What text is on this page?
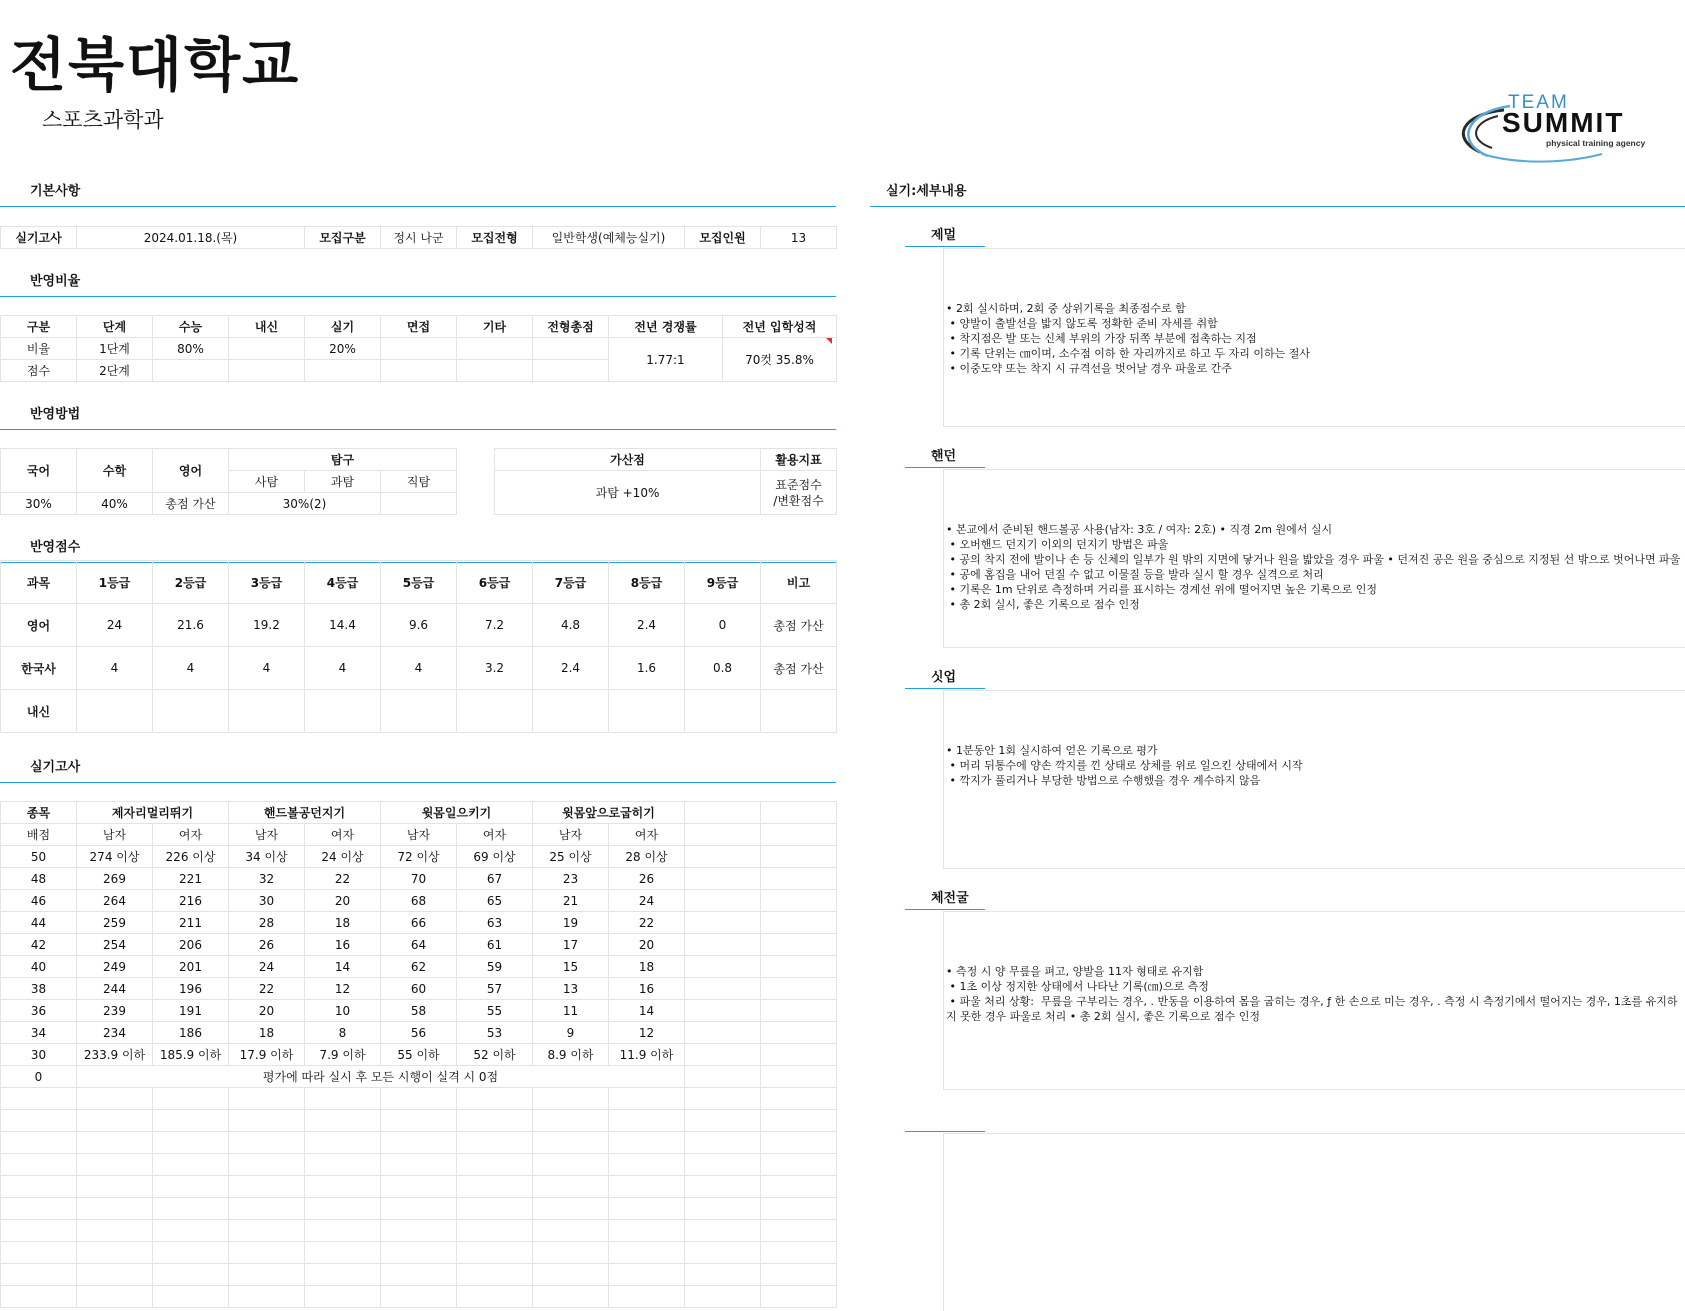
전북대학교
스포츠과학과
TEAM
SUMMIT
physical training agency
기본사항
반영비율
반영방법
반영점수
실기고사
실기:세부내용
실기고사	2024.01.18.(목)	모집구분	정시 나군	모집전형	일반학생(예체능실기)	모집인원	13
구분	단계	수능	내신	실기	면접	기타	전형총점	전년 경쟁률	전년 입학성적
비율	1단계	80%		20%				1.77:1	70컷 35.8%
점수	2단계								
국어	수학	영어	탐구		
			사탐	과탐	직탐
30%	40%	총점 가산	30%(2)		
가산점	활용지표
과탐 +10%	표준점수
/변환점수
과목	1등급	2등급	3등급	4등급	5등급	6등급	7등급	8등급	9등급	비고
영어	24	21.6	19.2	14.4	9.6	7.2	4.8	2.4	0	총점 가산
한국사	4	4	4	4	4	3.2	2.4	1.6	0.8	총점 가산
내신										
종목	제자리멀리뛰기		핸드볼공던지기		윗몸일으키기		윗몸앞으로굽히기			
배점	남자	여자	남자	여자	남자	여자	남자	여자		
50	274 이상	226 이상	34 이상	24 이상	72 이상	69 이상	25 이상	28 이상		
48	269	221	32	22	70	67	23	26		
46	264	216	30	20	68	65	21	24		
44	259	211	28	18	66	63	19	22		
42	254	206	26	16	64	61	17	20		
40	249	201	24	14	62	59	15	18		
38	244	196	22	12	60	57	13	16		
36	239	191	20	10	58	55	11	14		
34	234	186	18	8	56	53	9	12		
30	233.9 이하	185.9 이하	17.9 이하	7.9 이하	55 이하	52 이하	8.9 이하	11.9 이하		
0	평가에 따라 실시 후 모든 시행이 실격 시 0점									

제멀
• 2회 실시하며, 2회 중 상위기록을 최종점수로 함
• 양발이 출발선을 밟지 않도록 정확한 준비 자세를 취함
• 착지점은 발 또는 신체 부위의 가장 뒤쪽 부분에 접촉하는 지점
• 기록 단위는 ㎝이며, 소수점 이하 한 자리까지로 하고 두 자리 이하는 절사
• 이중도약 또는 착지 시 규격선을 벗어날 경우 파울로 간주
핸던
• 본교에서 준비된 핸드볼공 사용(남자: 3호 / 여자: 2호) • 직경 2m 원에서 실시
• 오버핸드 던지기 이외의 던지기 방법은 파울
• 공의 착지 전에 발이나 손 등 신체의 일부가 원 밖의 지면에 닿거나 원을 밟았을 경우 파울 • 던져진 공은 원을 중심으로 지정된 선 밖으로 벗어나면 파울
• 공에 홈집을 내어 던질 수 없고 이물질 등을 발라 실시 할 경우 실격으로 처리
• 기록은 1m 단위로 측정하며 거리를 표시하는 경계선 위에 떨어지면 높은 기록으로 인정
• 총 2회 실시, 좋은 기록으로 점수 인정
싯업
• 1분동안 1회 실시하여 얻은 기록으로 평가
• 머리 뒤통수에 양손 깍지를 낀 상태로 상체를 위로 일으킨 상태에서 시작
• 깍지가 풀리거나 부당한 방법으로 수행했을 경우 계수하지 않음
체전굴
• 측정 시 양 무릎을 펴고, 양발을 11자 형태로 유지함
• 1초 이상 정지한 상태에서 나타난 기록(㎝)으로 측정
• 파울 처리 상황:  무릎을 구부리는 경우, . 반동을 이용하여 몸을 굽히는 경우, ƒ 한 손으로 미는 경우, . 측정 시 측정기에서 떨어지는 경우, 1초를 유지하지 못한 경우 파울로 처리 • 총 2회 실시, 좋은 기록으로 점수 인정
